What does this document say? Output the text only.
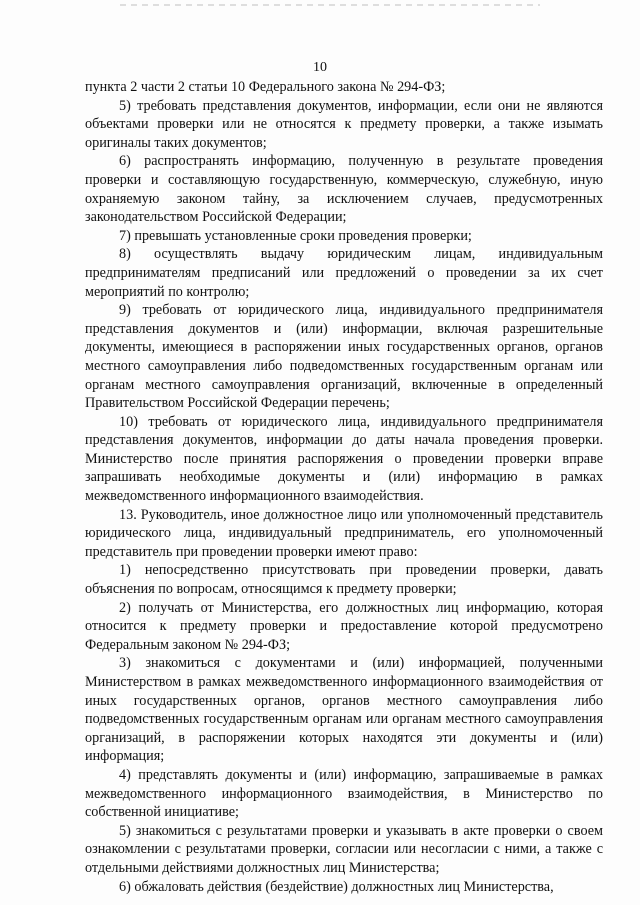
10

пункта 2 части 2 статьи 10 Федерального закона № 294-ФЗ;

5) требовать представления документов, информации, если они не являются объектами проверки или не относятся к предмету проверки, а также изымать оригиналы таких документов;

6) распространять информацию, полученную в результате проведения проверки и составляющую государственную, коммерческую, служебную, иную охраняемую законом тайну, за исключением случаев, предусмотренных законодательством Российской Федерации;

7) превышать установленные сроки проведения проверки;

8) осуществлять выдачу юридическим лицам, индивидуальным предпринимателям предписаний или предложений о проведении за их счет мероприятий по контролю;

9) требовать от юридического лица, индивидуального предпринимателя представления документов и (или) информации, включая разрешительные документы, имеющиеся в распоряжении иных государственных органов, органов местного самоуправления либо подведомственных государственным органам или органам местного самоуправления организаций, включенные в определенный Правительством Российской Федерации перечень;

10) требовать от юридического лица, индивидуального предпринимателя представления документов, информации до даты начала проведения проверки. Министерство после принятия распоряжения о проведении проверки вправе запрашивать необходимые документы и (или) информацию в рамках межведомственного информационного взаимодействия.

13. Руководитель, иное должностное лицо или уполномоченный представитель юридического лица, индивидуальный предприниматель, его уполномоченный представитель при проведении проверки имеют право:

1) непосредственно присутствовать при проведении проверки, давать объяснения по вопросам, относящимся к предмету проверки;

2) получать от Министерства, его должностных лиц информацию, которая относится к предмету проверки и предоставление которой предусмотрено Федеральным законом № 294-ФЗ;

3) знакомиться с документами и (или) информацией, полученными Министерством в рамках межведомственного информационного взаимодействия от иных государственных органов, органов местного самоуправления либо подведомственных государственным органам или органам местного самоуправления организаций, в распоряжении которых находятся эти документы и (или) информация;

4) представлять документы и (или) информацию, запрашиваемые в рамках межведомственного информационного взаимодействия, в Министерство по собственной инициативе;

5) знакомиться с результатами проверки и указывать в акте проверки о своем ознакомлении с результатами проверки, согласии или несогласии с ними, а также с отдельными действиями должностных лиц Министерства;

6) обжаловать действия (бездействие) должностных лиц Министерства,
